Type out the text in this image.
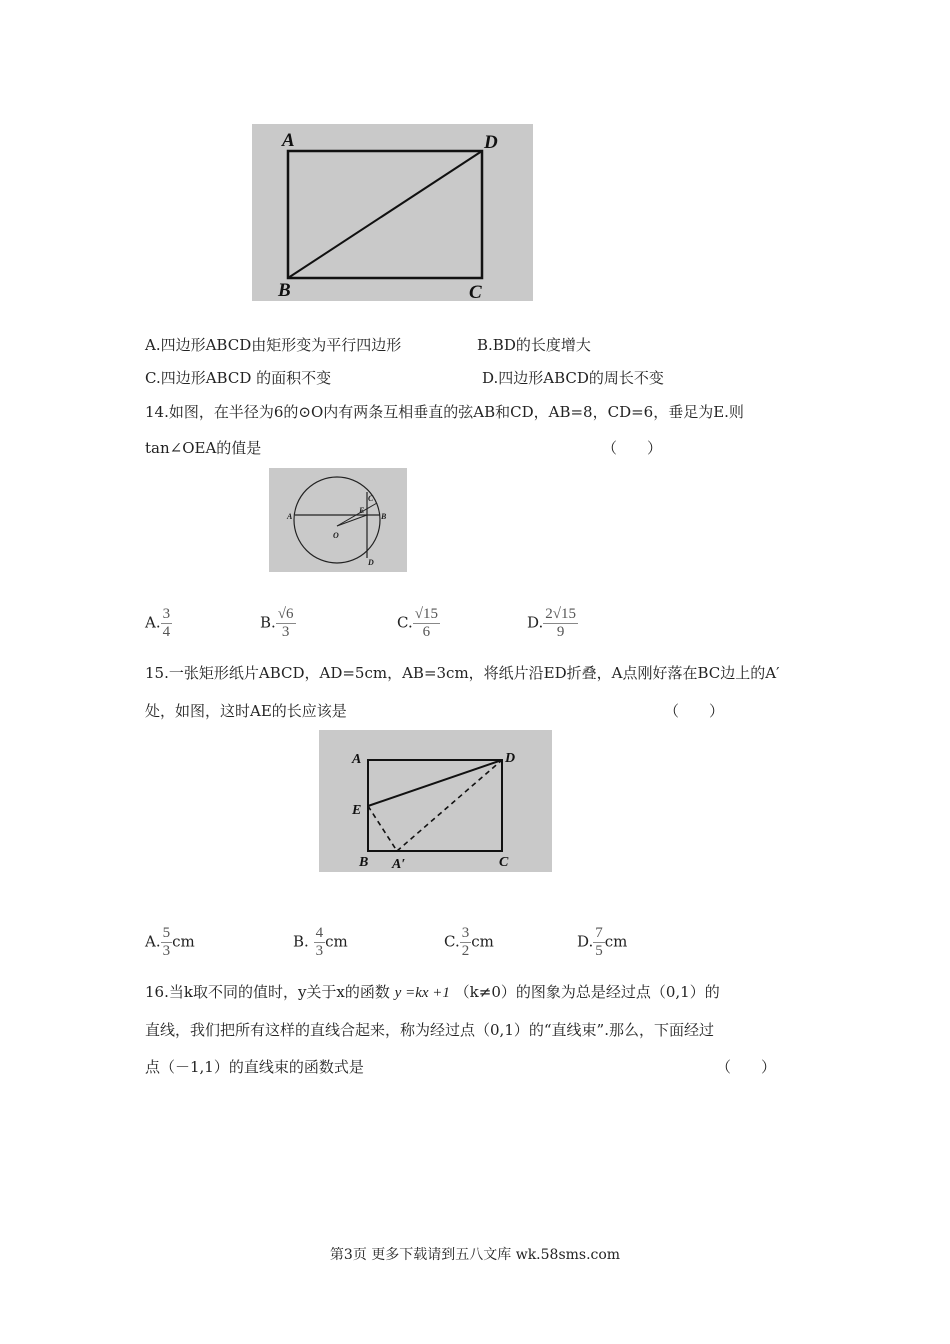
A	D
B	C
A.四边形ABCD由矩形变为平行四边形	B.BD的长度增大
C.四边形ABCD 的面积不变	D.四边形ABCD的周长不变
14.如图，在半径为6的⊙O内有两条互相垂直的弦AB和CD，AB=8，CD=6，垂足为E.则
tan∠OEA的值是	（　　）
A	B
C
D
E
O
A. $\frac{3}{4}$	B. $\frac{√6}{3}$	C. $\frac{√15}{6}$	D. $\frac{2√15}{9}$
15.一张矩形纸片ABCD，AD=5cm，AB=3cm，将纸片沿ED折叠，A点刚好落在BC边上的A′
处，如图，这时AE的长应该是	（　　）
A	D
E
B A′	C
A. $\frac{5}{3}$ cm	B. $\frac{4}{3}$ cm	C. $\frac{3}{2}$ cm	D. $\frac{7}{5}$ cm
16.当k取不同的值时，y关于x的函数 y =kx +1 （k≠0）的图象为总是经过点（0,1）的
直线，我们把所有这样的直线合起来，称为经过点（0,1）的“直线束”.那么，下面经过
点（－1,1）的直线束的函数式是	（　　）
第3页 更多下载请到五八文库 wk.58sms.com
